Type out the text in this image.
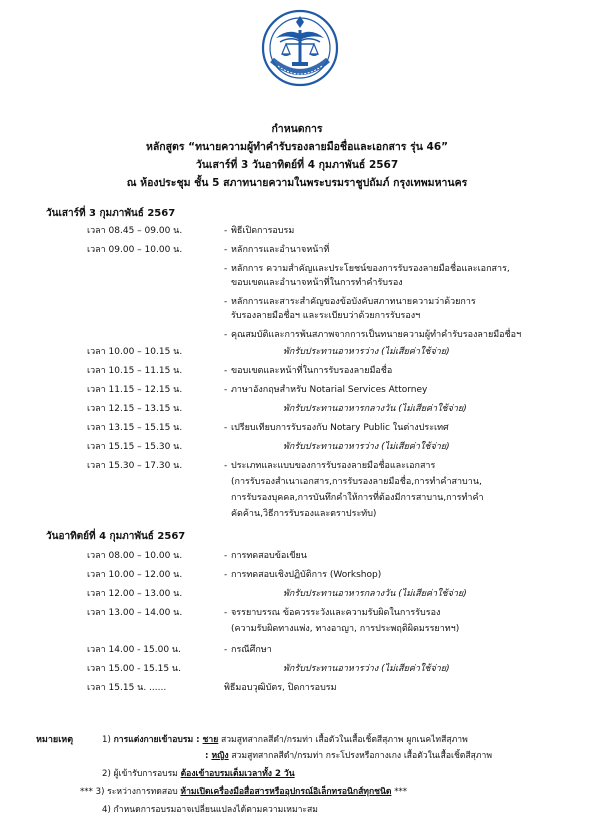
กำหนดการ
หลักสูตร “ทนายความผู้ทำคำรับรองลายมือชื่อและเอกสาร รุ่น 46”
วันเสาร์ที่ 3 วันอาทิตย์ที่ 4 กุมภาพันธ์ 2567
ณ ห้องประชุม ชั้น 5 สภาทนายความในพระบรมราชูปถัมภ์ กรุงเทพมหานคร
วันเสาร์ที่ 3 กุมภาพันธ์ 2567
เวลา 08.45 – 09.00 น.	- พิธีเปิดการอบรม
เวลา 09.00 – 10.00 น.	- หลักการและอำนาจหน้าที่
- หลักการ ความสำคัญและประโยชน์ของการรับรองลายมือชื่อและเอกสาร,
ขอบเขตและอำนาจหน้าที่ในการทำคำรับรอง
- หลักการและสาระสำคัญของข้อบังคับสภาทนายความว่าด้วยการ
รับรองลายมือชื่อฯ และระเบียบว่าด้วยการรับรองฯ
- คุณสมบัติและการพ้นสภาพจากการเป็นทนายความผู้ทำคำรับรองลายมือชื่อฯ
เวลา 10.00 – 10.15 น.	พักรับประทานอาหารว่าง (ไม่เสียค่าใช้จ่าย)
เวลา 10.15 – 11.15 น.	- ขอบเขตและหน้าที่ในการรับรองลายมือชื่อ
เวลา 11.15 – 12.15 น.	- ภาษาอังกฤษสำหรับ Notarial Services Attorney
เวลา 12.15 – 13.15 น.	พักรับประทานอาหารกลางวัน (ไม่เสียค่าใช้จ่าย)
เวลา 13.15 – 15.15 น.	- เปรียบเทียบการรับรองกับ Notary Public ในต่างประเทศ
เวลา 15.15 – 15.30 น.	พักรับประทานอาหารว่าง (ไม่เสียค่าใช้จ่าย)
เวลา 15.30 – 17.30 น.	- ประเภทและแบบของการรับรองลายมือชื่อและเอกสาร
(การรับรองสำเนาเอกสาร,การรับรองลายมือชื่อ,การทำคำสาบาน,
การรับรองบุคคล,การบันทึกคำให้การที่ต้องมีการสาบาน,การทำคำ
คัดค้าน,วิธีการรับรองและตราประทับ)
วันอาทิตย์ที่ 4 กุมภาพันธ์ 2567
เวลา 08.00 – 10.00 น.	- การทดสอบข้อเขียน
เวลา 10.00 – 12.00 น.	- การทดสอบเชิงปฏิบัติการ (Workshop)
เวลา 12.00 – 13.00 น.	พักรับประทานอาหารกลางวัน (ไม่เสียค่าใช้จ่าย)
เวลา 13.00 – 14.00 น.	- จรรยาบรรณ ข้อควรระวังและความรับผิดในการรับรอง
(ความรับผิดทางแพ่ง, ทางอาญา, การประพฤติผิดมรรยาทฯ)
เวลา 14.00 - 15.00 น.	- กรณีศึกษา
เวลา 15.00 - 15.15 น.	พักรับประทานอาหารว่าง (ไม่เสียค่าใช้จ่าย)
เวลา 15.15 น. ......	พิธีมอบวุฒิบัตร, ปิดการอบรม
หมายเหตุ	1) การแต่งกายเข้าอบรม : ชาย สวมสูทสากลสีดำ/กรมท่า เสื้อตัวในเสื้อเชิ้ตสีสุภาพ ผูกเนคไทสีสุภาพ
: หญิง สวมสูทสากลสีดำ/กรมท่า กระโปรงหรือกางเกง เสื้อตัวในเสื้อเชิ้ตสีสุภาพ
2) ผู้เข้ารับการอบรม ต้องเข้าอบรมเต็มเวลาทั้ง 2 วัน
*** 3) ระหว่างการทดสอบ ห้ามเปิดเครื่องมือสื่อสารหรืออุปกรณ์อิเล็กทรอนิกส์ทุกชนิด ***
4) กำหนดการอบรมอาจเปลี่ยนแปลงได้ตามความเหมาะสม
